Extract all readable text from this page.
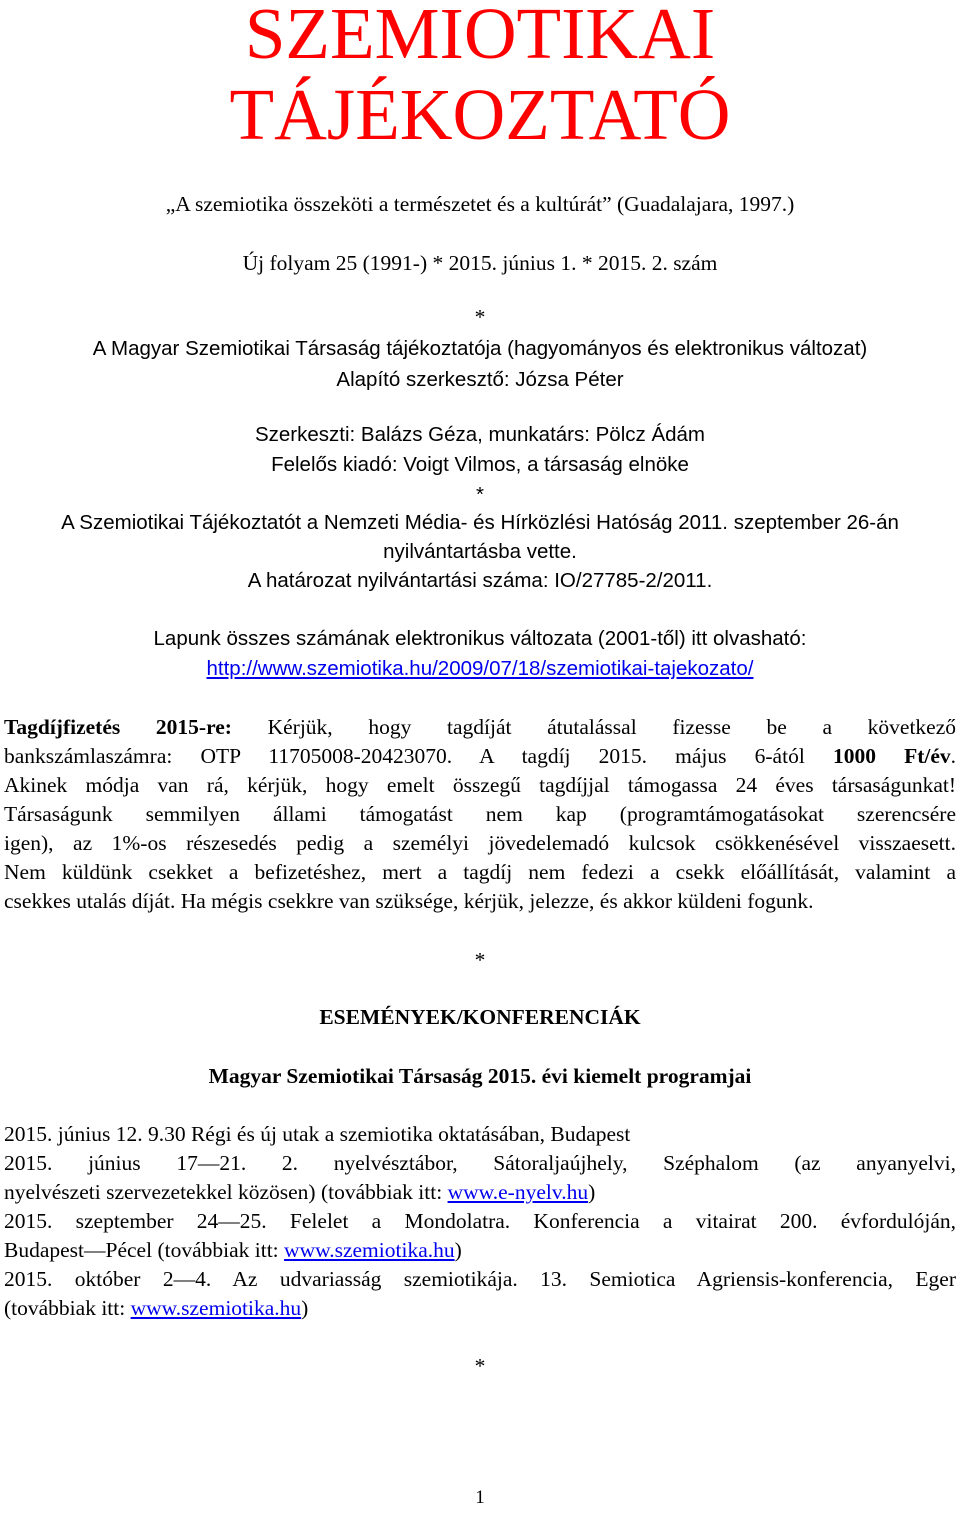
SZEMIOTIKAI
TÁJÉKOZTATÓ
„A szemiotika összeköti a természetet és a kultúrát” (Guadalajara, 1997.)
Új folyam 25 (1991-) * 2015. június 1. * 2015. 2. szám
*
A Magyar Szemiotikai Társaság tájékoztatója (hagyományos és elektronikus változat)
Alapító szerkesztő: Józsa Péter
Szerkeszti: Balázs Géza, munkatárs: Pölcz Ádám
Felelős kiadó: Voigt Vilmos, a társaság elnöke
*
A Szemiotikai Tájékoztatót a Nemzeti Média- és Hírközlési Hatóság 2011. szeptember 26-án
nyilvántartásba vette.
A határozat nyilvántartási száma: IO/27785-2/2011.
Lapunk összes számának elektronikus változata (2001-től) itt olvasható:
http://www.szemiotika.hu/2009/07/18/szemiotikai-tajekozato/
Tagdíjfizetés 2015-re: Kérjük, hogy tagdíját átutalással fizesse be a következő
bankszámlaszámra: OTP 11705008-20423070. A tagdíj 2015. május 6-ától 1000 Ft/év.
Akinek módja van rá, kérjük, hogy emelt összegű tagdíjjal támogassa 24 éves társaságunkat!
Társaságunk semmilyen állami támogatást nem kap (programtámogatásokat szerencsére
igen), az 1%-os részesedés pedig a személyi jövedelemadó kulcsok csökkenésével visszaesett.
Nem küldünk csekket a befizetéshez, mert a tagdíj nem fedezi a csekk előállítását, valamint a
csekkes utalás díját. Ha mégis csekkre van szüksége, kérjük, jelezze, és akkor küldeni fogunk.
*
ESEMÉNYEK/KONFERENCIÁK
Magyar Szemiotikai Társaság 2015. évi kiemelt programjai
2015. június 12. 9.30 Régi és új utak a szemiotika oktatásában, Budapest
2015. június 17—21. 2. nyelvésztábor, Sátoraljaújhely, Széphalom (az anyanyelvi,
nyelvészeti szervezetekkel közösen) (továbbiak itt: www.e-nyelv.hu)
2015. szeptember 24—25. Felelet a Mondolatra. Konferencia a vitairat 200. évfordulóján,
Budapest—Pécel (továbbiak itt: www.szemiotika.hu)
2015. október 2—4. Az udvariasság szemiotikája. 13. Semiotica Agriensis-konferencia, Eger
(továbbiak itt: www.szemiotika.hu)
*
1
